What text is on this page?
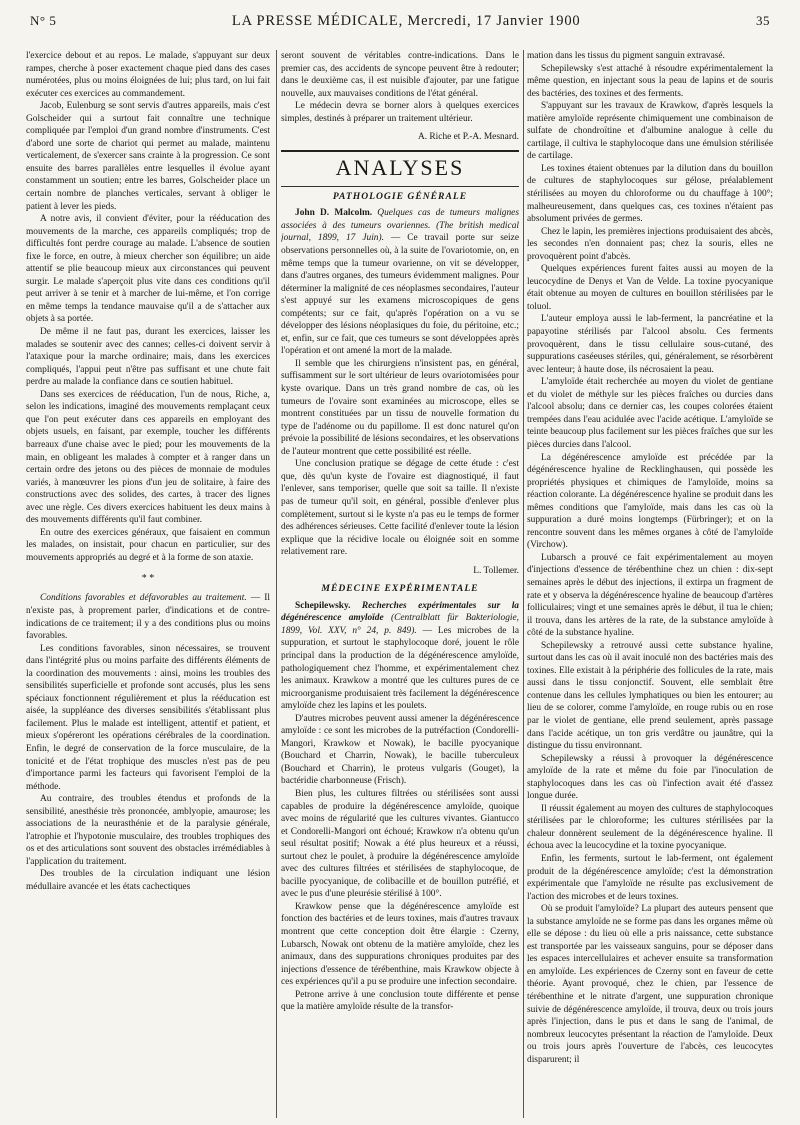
N° 5	LA PRESSE MÉDICALE, Mercredi, 17 Janvier 1900	35

l'exercice debout et au repos. Le malade, s'appuyant sur deux rampes, cherche à poser exactement chaque pied dans des cases numérotées, plus ou moins éloignées de lui; plus tard, on lui fait exécuter ces exercices au commandement.

Jacob, Eulenburg se sont servis d'autres appareils, mais c'est Golscheider qui a surtout fait connaître une technique compliquée par l'emploi d'un grand nombre d'instruments. C'est d'abord une sorte de chariot qui permet au malade, maintenu verticalement, de s'exercer sans crainte à la progression. Ce sont ensuite des barres parallèles entre lesquelles il évolue ayant constamment un soutien; entre les barres, Golscheider place un certain nombre de planches verticales, servant à obliger le patient à lever les pieds.

A notre avis, il convient d'éviter, pour la rééducation des mouvements de la marche, ces appareils compliqués; trop de difficultés font perdre courage au malade. L'absence de soutien fixe le force, en outre, à mieux chercher son équilibre; un aide attentif se plie beaucoup mieux aux circonstances qui peuvent surgir. Le malade s'aperçoit plus vite dans ces conditions qu'il peut arriver à se tenir et à marcher de lui-même, et l'on corrige en même temps la tendance mauvaise qu'il a de s'attacher aux objets à sa portée.

De même il ne faut pas, durant les exercices, laisser les malades se soutenir avec des cannes; celles-ci doivent servir à l'ataxique pour la marche ordinaire; mais, dans les exercices compliqués, l'appui peut n'être pas suffisant et une chute fait perdre au malade la confiance dans ce soutien habituel.

Dans ses exercices de rééducation, l'un de nous, Riche, a, selon les indications, imaginé des mouvements remplaçant ceux que l'on peut exécuter dans ces appareils en employant des objets usuels, en faisant, par exemple, toucher les différents barreaux d'une chaise avec le pied; pour les mouvements de la main, en obligeant les malades à compter et à ranger dans un certain ordre des jetons ou des pièces de monnaie de modules variés, à manœuvrer les pions d'un jeu de solitaire, à faire des constructions avec des solides, des cartes, à tracer des lignes avec une règle. Ces divers exercices habituent les deux mains à des mouvements différents qu'il faut combiner.

En outre des exercices généraux, que faisaient en commun les malades, on insistait, pour chacun en particulier, sur des mouvements appropriés au degré et à la forme de son ataxie.

* *

Conditions favorables et défavorables au traitement. — Il n'existe pas, à proprement parler, d'indications et de contre-indications de ce traitement; il y a des conditions plus ou moins favorables.

Les conditions favorables, sinon nécessaires, se trouvent dans l'intégrité plus ou moins parfaite des différents éléments de la coordination des mouvements : ainsi, moins les troubles des sensibilités superficielle et profonde sont accusés, plus les sens spéciaux fonctionnent régulièrement et plus la rééducation est aisée, la suppléance des diverses sensibilités s'établissant plus facilement. Plus le malade est intelligent, attentif et patient, et mieux s'opéreront les opérations cérébrales de la coordination. Enfin, le degré de conservation de la force musculaire, de la tonicité et de l'état trophique des muscles n'est pas de peu d'importance parmi les facteurs qui favorisent l'emploi de la méthode.

Au contraire, des troubles étendus et profonds de la sensibilité, anesthésie très prononcée, amblyopie, amaurose; les associations de la neurasthénie et de la paralysie générale, l'atrophie et l'hypotonie musculaire, des troubles trophiques des os et des articulations sont souvent des obstacles irrémédiables à l'application du traitement.

Des troubles de la circulation indiquant une lésion médullaire avancée et les états cachectiques

seront souvent de véritables contre-indications. Dans le premier cas, des accidents de syncope peuvent être à redouter; dans le deuxième cas, il est nuisible d'ajouter, par une fatigue nouvelle, aux mauvaises conditions de l'état général.

Le médecin devra se borner alors à quelques exercices simples, destinés à préparer un traitement ultérieur.

A. Riche et P.-A. Mesnard.
ANALYSES
PATHOLOGIE GÉNÉRALE

John D. Malcolm. Quelques cas de tumeurs malignes associées à des tumeurs ovariennes. (The british medical journal, 1899, 17 Juin). — Ce travail porte sur seize observations personnelles où, à la suite de l'ovariotomie, on, en même temps que la tumeur ovarienne, on vit se développer, dans d'autres organes, des tumeurs évidemment malignes. Pour déterminer la malignité de ces néoplasmes secondaires, l'auteur s'est appuyé sur les examens microscopiques de gens compétents; sur ce fait, qu'après l'opération on a vu se développer des lésions néoplasiques du foie, du péritoine, etc.; et, enfin, sur ce fait, que ces tumeurs se sont développées après l'opération et ont amené la mort de la malade.

Il semble que les chirurgiens n'insistent pas, en général, suffisamment sur le sort ultérieur de leurs ovariotomisées pour kyste ovarique. Dans un très grand nombre de cas, où les tumeurs de l'ovaire sont examinées au microscope, elles se montrent constituées par un tissu de nouvelle formation du type de l'adénome ou du papillome. Il est donc naturel qu'on prévoie la possibilité de lésions secondaires, et les observations de l'auteur montrent que cette possibilité est réelle.

Une conclusion pratique se dégage de cette étude : c'est que, dès qu'un kyste de l'ovaire est diagnostiqué, il faut l'enlever, sans temporiser, quelle que soit sa taille. Il n'existe pas de tumeur qu'il soit, en général, possible d'enlever plus complètement, surtout si le kyste n'a pas eu le temps de former des adhérences sérieuses. Cette facilité d'enlever toute la lésion explique que la récidive locale ou éloignée soit en somme relativement rare.

L. Tollemer.
MÉDECINE EXPÉRIMENTALE

Schepilewsky. Recherches expérimentales sur la dégénérescence amyloïde (Centralblatt für Bakteriologie, 1899, Vol. XXV, n° 24, p. 849). — Les microbes de la suppuration, et surtout le staphylocoque doré, jouent le rôle principal dans la production de la dégénérescence amyloïde, pathologiquement chez l'homme, et expérimentalement chez les animaux. Krawkow a montré que les cultures pures de ce microorganisme produisaient très facilement la dégénérescence amyloïde chez les lapins et les poulets.

D'autres microbes peuvent aussi amener la dégénérescence amyloïde : ce sont les microbes de la putréfaction (Condorelli-Mangori, Krawkow et Nowak), le bacille pyocyanique (Bouchard et Charrin, Nowak), le bacille tuberculeux (Bouchard et Charrin), le proteus vulgaris (Gouget), la bactéridie charbonneuse (Frisch).

Bien plus, les cultures filtrées ou stérilisées sont aussi capables de produire la dégénérescence amyloïde, quoique avec moins de régularité que les cultures vivantes. Giantucco et Condorelli-Mangori ont échoué; Krawkow n'a obtenu qu'un seul résultat positif; Nowak a été plus heureux et a réussi, surtout chez le poulet, à produire la dégénérescence amyloïde avec des cultures filtrées et stérilisées de staphylocoque, de bacille pyocyanique, de colibacille et de bouillon putréfié, et avec le pus d'une pleurésie stérilisé à 100°.

Krawkow pense que la dégénérescence amyloïde est fonction des bactéries et de leurs toxines, mais d'autres travaux montrent que cette conception doit être élargie : Czerny, Lubarsch, Nowak ont obtenu de la matière amyloïde, chez les animaux, dans des suppurations chroniques produites par des injections d'essence de térébenthine, mais Krawkow objecte à ces expériences qu'il a pu se produire une infection secondaire.

Petrone arrive à une conclusion toute différente et pense que la matière amyloïde résulte de la transfor-

mation dans les tissus du pigment sanguin extravasé.

Schepilewsky s'est attaché à résoudre expérimentalement la même question, en injectant sous la peau de lapins et de souris des bactéries, des toxines et des ferments.

S'appuyant sur les travaux de Krawkow, d'après lesquels la matière amyloïde représente chimiquement une combinaison de sulfate de chondroïtine et d'albumine analogue à celle du cartilage, il cultiva le staphylocoque dans une émulsion stérilisée de cartilage.

Les toxines étaient obtenues par la dilution dans du bouillon de cultures de staphylocoques sur gélose, préalablement stérilisées au moyen du chloroforme ou du chauffage à 100°; malheureusement, dans quelques cas, ces toxines n'étaient pas absolument privées de germes.

Chez le lapin, les premières injections produisaient des abcès, les secondes n'en donnaient pas; chez la souris, elles ne provoquèrent point d'abcès.

Quelques expériences furent faites aussi au moyen de la leucocydine de Denys et Van de Velde. La toxine pyocyanique était obtenue au moyen de cultures en bouillon stérilisées par le toluol.

L'auteur employa aussi le lab-ferment, la pancréatine et la papayotine stérilisés par l'alcool absolu. Ces ferments provoquèrent, dans le tissu cellulaire sous-cutané, des suppurations caséeuses stériles, qui, généralement, se résorbèrent avec lenteur; à haute dose, ils nécrosaient la peau.

L'amyloïde était recherchée au moyen du violet de gentiane et du violet de méthyle sur les pièces fraîches ou durcies dans l'alcool absolu; dans ce dernier cas, les coupes colorées étaient trempées dans l'eau acidulée avec l'acide acétique. L'amyloïde se teinte beaucoup plus facilement sur les pièces fraîches que sur les pièces durcies dans l'alcool.

La dégénérescence amyloïde est précédée par la dégénérescence hyaline de Recklinghausen, qui possède les propriétés physiques et chimiques de l'amyloïde, moins sa réaction colorante. La dégénérescence hyaline se produit dans les mêmes conditions que l'amyloïde, mais dans les cas où la suppuration a duré moins longtemps (Fürbringer); et on la rencontre souvent dans les mêmes organes à côté de l'amyloïde (Virchow).

Lubarsch a prouvé ce fait expérimentalement au moyen d'injections d'essence de térébenthine chez un chien : dix-sept semaines après le début des injections, il extirpa un fragment de rate et y observa la dégénérescence hyaline de beaucoup d'artères folliculaires; vingt et une semaines après le début, il tua le chien; il trouva, dans les artères de la rate, de la substance amyloïde à côté de la substance hyaline.

Schepilewsky a retrouvé aussi cette substance hyaline, surtout dans les cas où il avait inoculé non des bactéries mais des toxines. Elle existait à la périphérie des follicules de la rate, mais aussi dans le tissu conjonctif. Souvent, elle semblait être contenue dans les cellules lymphatiques ou bien les entourer; au lieu de se colorer, comme l'amyloïde, en rouge rubis ou en rose par le violet de gentiane, elle prend seulement, après passage dans l'acide acétique, un ton gris verdâtre ou jaunâtre, qui la distingue du tissu environnant.

Schepilewsky a réussi à provoquer la dégénérescence amyloïde de la rate et même du foie par l'inoculation de staphylocoques dans les cas où l'infection avait été d'assez longue durée.

Il réussit également au moyen des cultures de staphylocoques stérilisées par le chloroforme; les cultures stérilisées par la chaleur donnèrent seulement de la dégénérescence hyaline. Il échoua avec la leucocydine et la toxine pyocyanique.

Enfin, les ferments, surtout le lab-ferment, ont également produit de la dégénérescence amyloïde; c'est la démonstration expérimentale que l'amyloïde ne résulte pas exclusivement de l'action des microbes et de leurs toxines.

Où se produit l'amyloïde? La plupart des auteurs pensent que la substance amyloïde ne se forme pas dans les organes même où elle se dépose : du lieu où elle a pris naissance, cette substance est transportée par les vaisseaux sanguins, pour se déposer dans les espaces intercellulaires et achever ensuite sa transformation en amyloïde. Les expériences de Czerny sont en faveur de cette théorie. Ayant provoqué, chez le chien, par l'essence de térébenthine et le nitrate d'argent, une suppuration chronique suivie de dégénérescence amyloïde, il trouva, deux ou trois jours après l'injection, dans le pus et dans le sang de l'animal, de nombreux leucocytes présentant la réaction de l'amyloïde. Deux ou trois jours après l'ouverture de l'abcès, ces leucocytes disparurent; il
